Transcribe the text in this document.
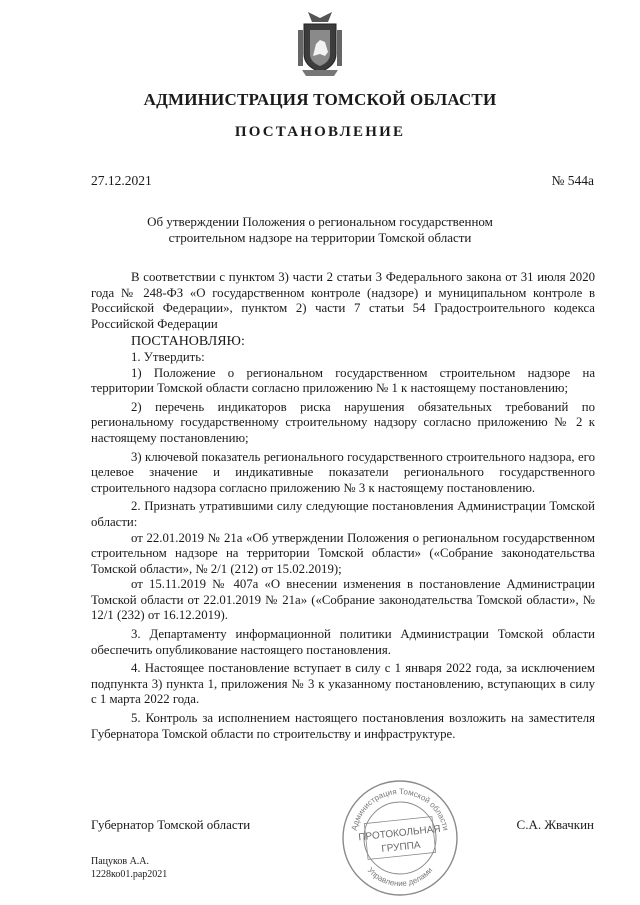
АДМИНИСТРАЦИЯ ТОМСКОЙ ОБЛАСТИ
ПОСТАНОВЛЕНИЕ
27.12.2021	№ 544а
Об утверждении Положения о региональном государственном
строительном надзоре на территории Томской области

В соответствии с пунктом 3) части 2 статьи 3 Федерального закона от 31 июля 2020 года № 248-ФЗ «О государственном контроле (надзоре) и муниципальном контроле в Российской Федерации», пунктом 2) части 7 статьи 54 Градостроительного кодекса Российской Федерации

ПОСТАНОВЛЯЮ:

1. Утвердить:

1) Положение о региональном государственном строительном надзоре на территории Томской области согласно приложению № 1 к настоящему постановлению;

2) перечень индикаторов риска нарушения обязательных требований по региональному государственному строительному надзору согласно приложению № 2 к настоящему постановлению;

3) ключевой показатель регионального государственного строительного надзора, его целевое значение и индикативные показатели регионального государственного строительного надзора согласно приложению № 3 к настоящему постановлению.

2. Признать утратившими силу следующие постановления Администрации Томской области:

от 22.01.2019 № 21а «Об утверждении Положения о региональном государственном строительном надзоре на территории Томской области» («Собрание законодательства Томской области», № 2/1 (212) от 15.02.2019);

от 15.11.2019 № 407а «О внесении изменения в постановление Администрации Томской области от 22.01.2019 № 21а» («Собрание законодательства Томской области», № 12/1 (232) от 16.12.2019).

3. Департаменту информационной политики Администрации Томской области обеспечить опубликование настоящего постановления.

4. Настоящее постановление вступает в силу с 1 января 2022 года, за исключением подпункта 3) пункта 1, приложения № 3 к указанному постановлению, вступающих в силу с 1 марта 2022 года.

5. Контроль за исполнением настоящего постановления возложить на заместителя Губернатора Томской области по строительству и инфраструктуре.

Администрация Томской области
Управление делами
ПРОТОКОЛЬНАЯ
ГРУППА
Губернатор Томской области	С.А. Жвачкин
Пацуков А.А.
1228ко01.рар2021
